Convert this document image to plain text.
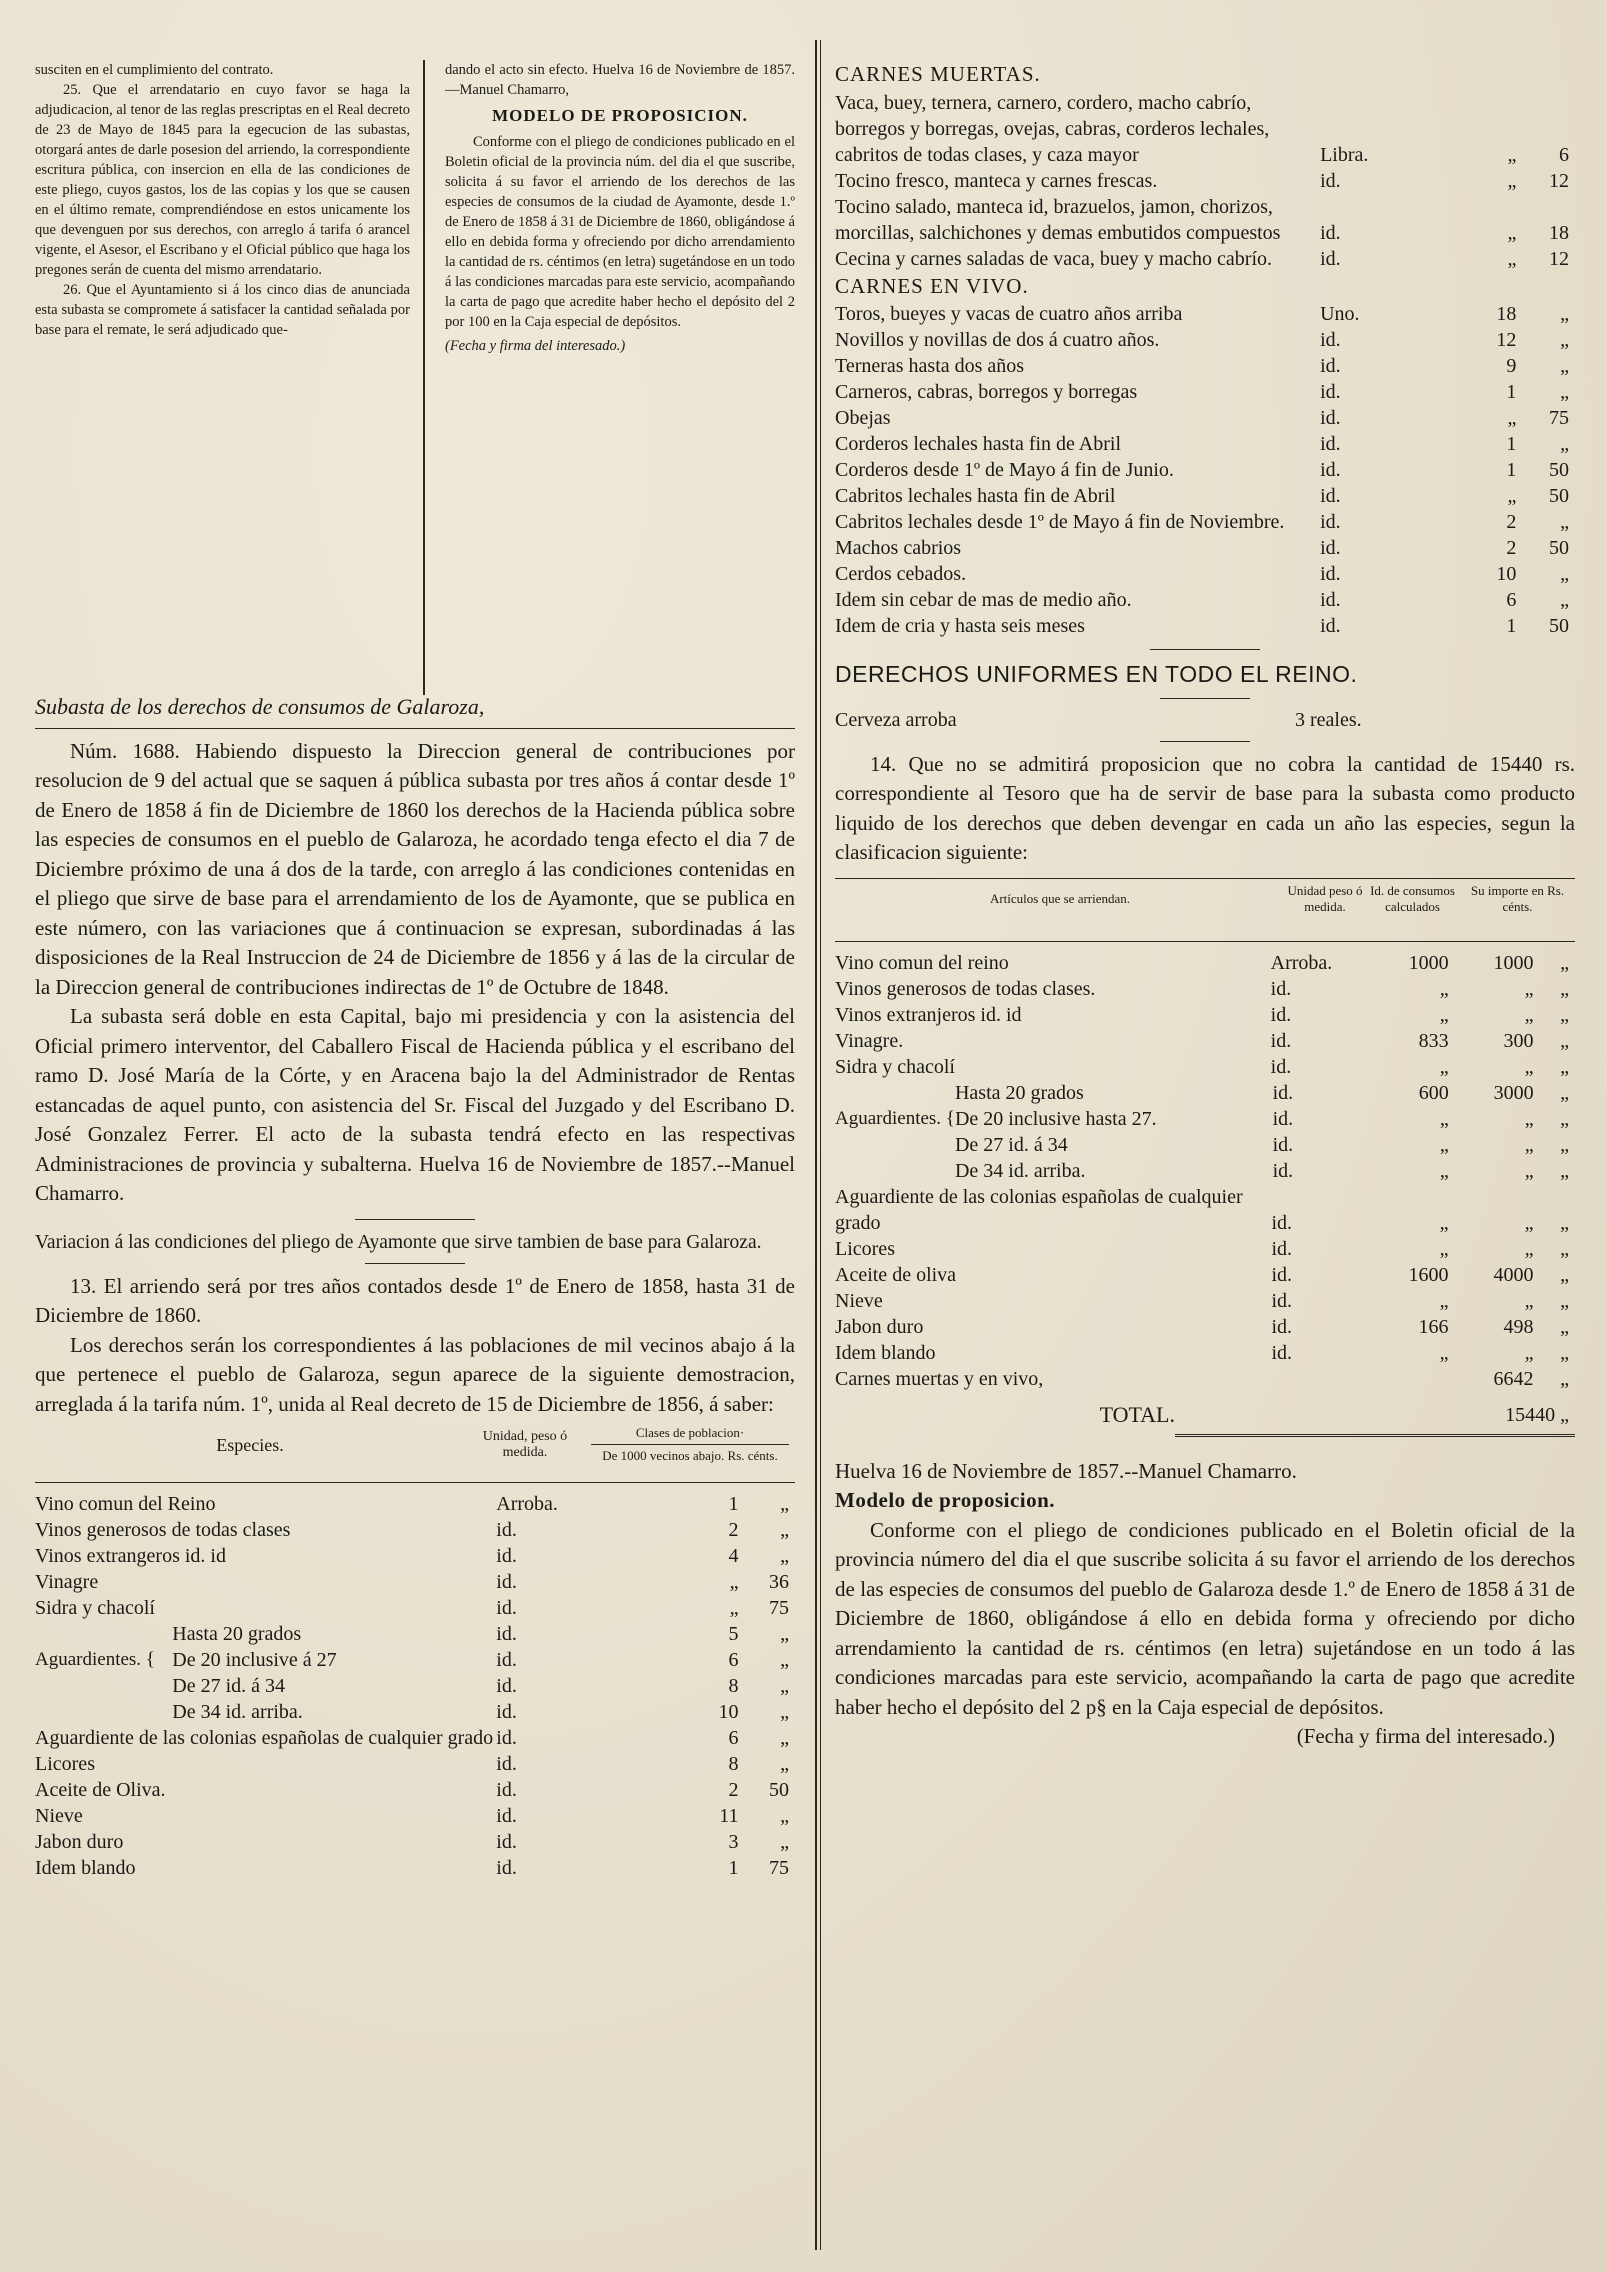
susciten en el cumplimiento del contrato.

25. Que el arrendatario en cuyo favor se haga la adjudicacion, al tenor de las reglas prescriptas en el Real decreto de 23 de Mayo de 1845 para la egecucion de las subastas, otorgará antes de darle posesion del arriendo, la correspondiente escritura pública, con insercion en ella de las condiciones de este pliego, cuyos gastos, los de las copias y los que se causen en el último remate, comprendiéndose en estos unicamente los que devenguen por sus derechos, con arreglo á tarifa ó arancel vigente, el Asesor, el Escribano y el Oficial público que haga los pregones serán de cuenta del mismo arrendatario.

26. Que el Ayuntamiento si á los cinco dias de anunciada esta subasta se compromete á satisfacer la cantidad señalada por base para el remate, le será adjudicado que-

dando el acto sin efecto. Huelva 16 de Noviembre de 1857.—Manuel Chamarro,

MODELO DE PROPOSICION.

Conforme con el pliego de condiciones publicado en el Boletin oficial de la provincia núm. del dia el que suscribe, solicita á su favor el arriendo de los derechos de las especies de consumos de la ciudad de Ayamonte, desde 1.º de Enero de 1858 á 31 de Diciembre de 1860, obligándose á ello en debida forma y ofreciendo por dicho arrendamiento la cantidad de rs. céntimos (en letra) sugetándose en un todo á las condiciones marcadas para este servicio, acompañando la carta de pago que acredite haber hecho el depósito del 2 por 100 en la Caja especial de depósitos.

(Fecha y firma del interesado.)

Subasta de los derechos de consumos de Galaroza,

Núm. 1688. Habiendo dispuesto la Direccion general de contribuciones por resolucion de 9 del actual que se saquen á pública subasta por tres años á contar desde 1º de Enero de 1858 á fin de Diciembre de 1860 los derechos de la Hacienda pública sobre las especies de consumos en el pueblo de Galaroza, he acordado tenga efecto el dia 7 de Diciembre próximo de una á dos de la tarde, con arreglo á las condiciones contenidas en el pliego que sirve de base para el arrendamiento de los de Ayamonte, que se publica en este número, con las variaciones que á continuacion se expresan, subordinadas á las disposiciones de la Real Instruccion de 24 de Diciembre de 1856 y á las de la circular de la Direccion general de contribuciones indirectas de 1º de Octubre de 1848.

La subasta será doble en esta Capital, bajo mi presidencia y con la asistencia del Oficial primero interventor, del Caballero Fiscal de Hacienda pública y el escribano del ramo D. José María de la Córte, y en Aracena bajo la del Administrador de Rentas estancadas de aquel punto, con asistencia del Sr. Fiscal del Juzgado y del Escribano D. José Gonzalez Ferrer. El acto de la subasta tendrá efecto en las respectivas Administraciones de provincia y subalterna. Huelva 16 de Noviembre de 1857.--Manuel Chamarro.

Variacion á las condiciones del pliego de Ayamonte que sirve tambien de base para Galaroza.

13. El arriendo será por tres años contados desde 1º de Enero de 1858, hasta 31 de Diciembre de 1860.

Los derechos serán los correspondientes á las poblaciones de mil vecinos abajo á la que pertenece el pueblo de Galaroza, segun aparece de la siguiente demostracion, arreglada á la tarifa núm. 1º, unida al Real decreto de 15 de Diciembre de 1856, á saber:

Especies.	Unidad, peso ó medida.	
Clases de poblacion·
De 1000 vecinos abajo. Rs. cénts.
Vino comun del Reino	Arroba.	1	„
Vinos generosos de todas clases	id.	2	„
Vinos extrangeros id. id	id.	4	„
Vinagre	id.	„	36
Sidra y chacolí	id.	„	75
	Hasta 20 grados	id.	5	„
Aguardientes. {	De 20 inclusive á 27	id.	6	„
	De 27 id. á 34	id.	8	„
	De 34 id. arriba.	id.	10	„
Aguardiente de las colonias españolas de cualquier grado	id.	6	„
Licores	id.	8	„
Aceite de Oliva.	id.	2	50
Nieve	id.	11	„
Jabon duro	id.	3	„
Idem blando	id.	1	75

CARNES MUERTAS.

Vaca, buey, ternera, carnero, cordero, macho cabrío, borregos y borregas, ovejas, cabras, corderos lechales, cabritos de todas clases, y caza mayor	Libra.	„	6
Tocino fresco, manteca y carnes frescas.	id.	„	12
Tocino salado, manteca id, brazuelos, jamon, chorizos, morcillas, salchichones y demas embutidos compuestos	id.	„	18
Cecina y carnes saladas de vaca, buey y macho cabrío.	id.	„	12

CARNES EN VIVO.

Toros, bueyes y vacas de cuatro años arriba	Uno.	18	„
Novillos y novillas de dos á cuatro años.	id.	12	„
Terneras hasta dos años	id.	9	„
Carneros, cabras, borregos y borregas	id.	1	„
Obejas	id.	„	75
Corderos lechales hasta fin de Abril	id.	1	„
Corderos desde 1º de Mayo á fin de Junio.	id.	1	50
Cabritos lechales hasta fin de Abril	id.	„	50
Cabritos lechales desde 1º de Mayo á fin de Noviembre.	id.	2	„
Machos cabrios	id.	2	50
Cerdos cebados.	id.	10	„
Idem sin cebar de mas de medio año.	id.	6	„
Idem de cria y hasta seis meses	id.	1	50

DERECHOS UNIFORMES EN TODO EL REINO.

Cerveza arroba	3 reales.

14. Que no se admitirá proposicion que no cobra la cantidad de 15440 rs. correspondiente al Tesoro que ha de servir de base para la subasta como producto liquido de los derechos que deben devengar en cada un año las especies, segun la clasificacion siguiente:

Artículos que se arriendan.	Unidad peso ó medida.	Id. de consumos calculados	Su importe en Rs. cénts.
Vino comun del reino	Arroba.	1000	1000	„
Vinos generosos de todas clases.	id.	„	„	„
Vinos extranjeros id. id	id.	„	„	„
Vinagre.	id.	833	300	„
Sidra y chacolí	id.	„	„	„
	Hasta 20 grados	id.	600	3000	„
Aguardientes. {	De 20 inclusive hasta 27.	id.	„	„	„
	De 27 id. á 34	id.	„	„	„
	De 34 id. arriba.	id.	„	„	„
Aguardiente de las colonias españolas de cualquier grado	id.	„	„	„
Licores	id.	„	„	„
Aceite de oliva	id.	1600	4000	„
Nieve	id.	„	„	„
Jabon duro	id.	166	498	„
Idem blando	id.	„	„	„
Carnes muertas y en vivo,			6642	„
TOTAL.	15440 „

Huelva 16 de Noviembre de 1857.--Manuel Chamarro.

Modelo de proposicion.

Conforme con el pliego de condiciones publicado en el Boletin oficial de la provincia número del dia el que suscribe solicita á su favor el arriendo de los derechos de las especies de consumos del pueblo de Galaroza desde 1.º de Enero de 1858 á 31 de Diciembre de 1860, obligándose á ello en debida forma y ofreciendo por dicho arrendamiento la cantidad de rs. céntimos (en letra) sujetándose en un todo á las condiciones marcadas para este servicio, acompañando la carta de pago que acredite haber hecho el depósito del 2 p§ en la Caja especial de depósitos.

(Fecha y firma del interesado.)
